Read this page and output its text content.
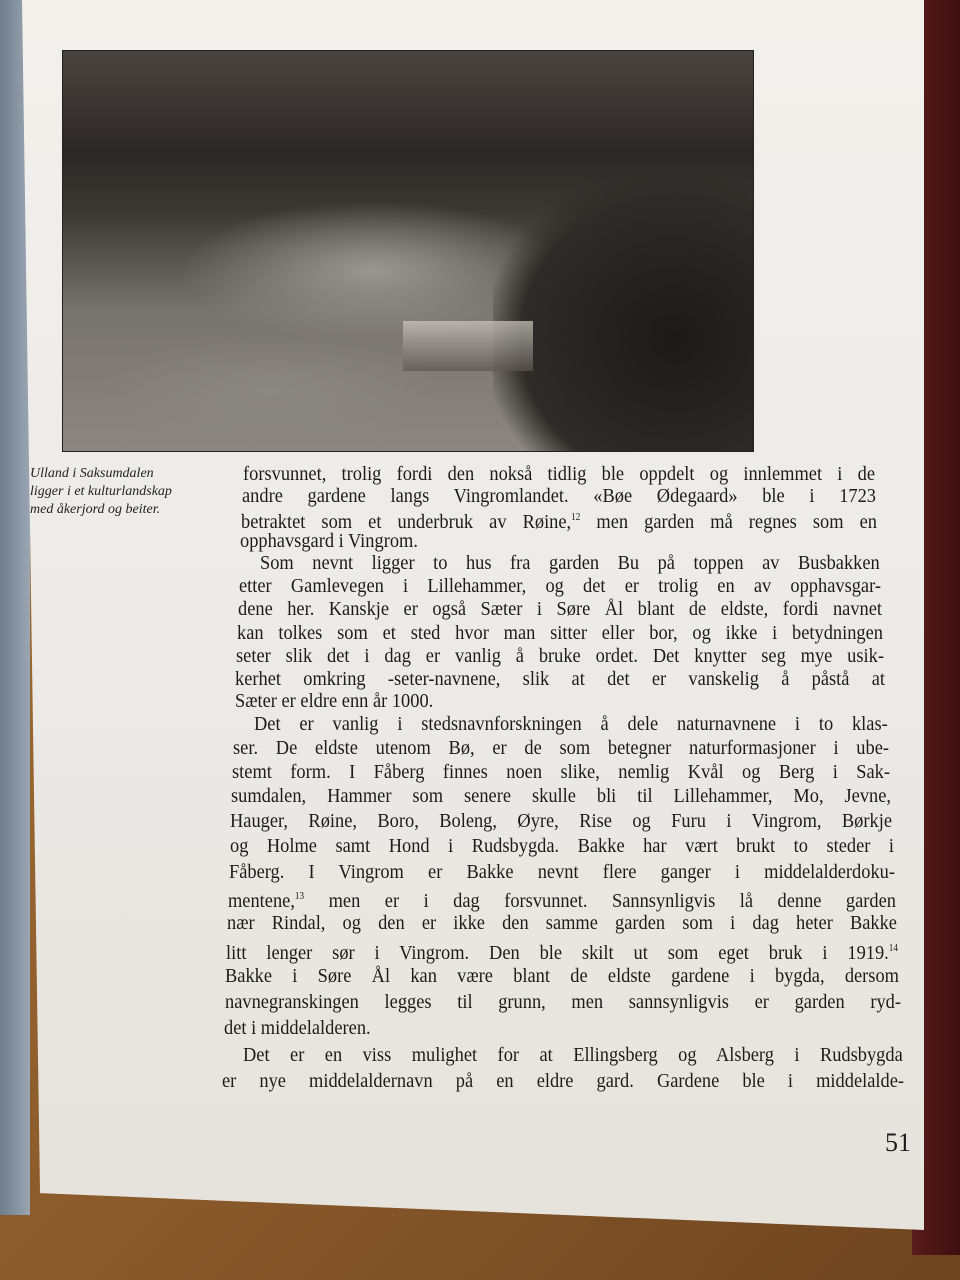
Ulland i Saksumdalen
ligger i et kulturlandskap
med åkerjord og beiter.
forsvunnet, trolig fordi den nokså tidlig ble oppdelt og innlemmet i de
andre gardene langs Vingromlandet. «Bøe Ødegaard» ble i 1723
betraktet som et underbruk av Røine,$^{12}$ men garden må regnes som en
opphavsgard i Vingrom.
Som nevnt ligger to hus fra garden Bu på toppen av Busbakken
etter Gamlevegen i Lillehammer, og det er trolig en av opphavsgar-
dene her. Kanskje er også Sæter i Søre Ål blant de eldste, fordi navnet
kan tolkes som et sted hvor man sitter eller bor, og ikke i betydningen
seter slik det i dag er vanlig å bruke ordet. Det knytter seg mye usik-
kerhet omkring -seter-navnene, slik at det er vanskelig å påstå at
Sæter er eldre enn år 1000.
Det er vanlig i stedsnavnforskningen å dele naturnavnene i to klas-
ser. De eldste utenom Bø, er de som betegner naturformasjoner i ube-
stemt form. I Fåberg finnes noen slike, nemlig Kvål og Berg i Sak-
sumdalen, Hammer som senere skulle bli til Lillehammer, Mo, Jevne,
Hauger, Røine, Boro, Boleng, Øyre, Rise og Furu i Vingrom, Børkje
og Holme samt Hond i Rudsbygda. Bakke har vært brukt to steder i
Fåberg. I Vingrom er Bakke nevnt flere ganger i middelalderdoku-
mentene,$^{13}$ men er i dag forsvunnet. Sannsynligvis lå denne garden
nær Rindal, og den er ikke den samme garden som i dag heter Bakke
litt lenger sør i Vingrom. Den ble skilt ut som eget bruk i 1919.14
Bakke i Søre Ål kan være blant de eldste gardene i bygda, dersom
navnegranskingen legges til grunn, men sannsynligvis er garden ryd-
det i middelalderen.
Det er en viss mulighet for at Ellingsberg og Alsberg i Rudsbygda
er nye middelaldernavn på en eldre gard. Gardene ble i middelalde-
51
